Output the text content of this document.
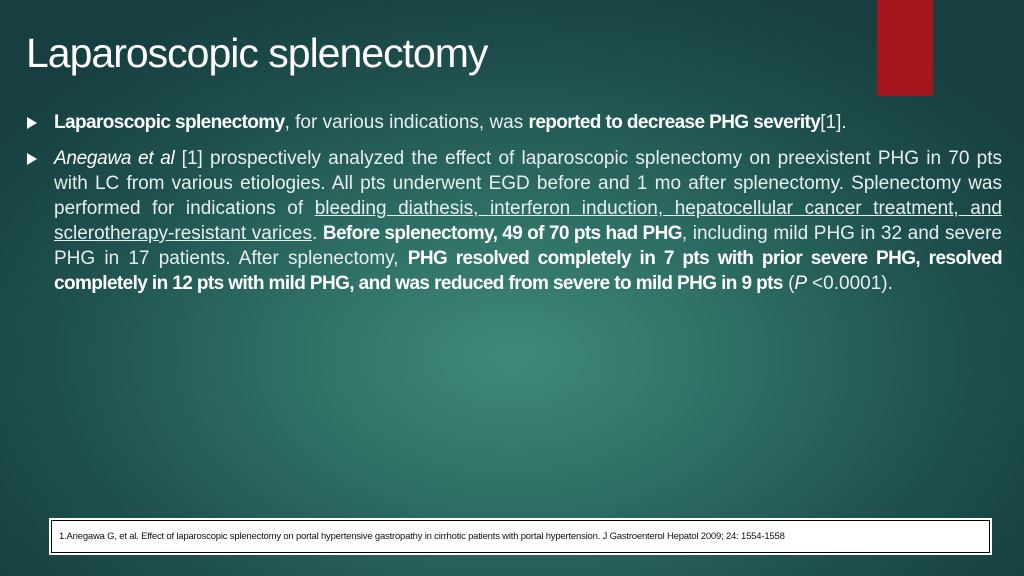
Laparoscopic splenectomy
Laparoscopic splenectomy, for various indications, was reported to decrease PHG severity[1].
Anegawa et al [1] prospectively analyzed the effect of laparoscopic splenectomy on preexistent PHG in 70 pts with LC from various etiologies. All pts underwent EGD before and 1 mo after splenectomy. Splenectomy was performed for indications of bleeding diathesis, interferon induction, hepatocellular cancer treatment, and sclerotherapy-resistant varices. Before splenectomy, 49 of 70 pts had PHG, including mild PHG in 32 and severe PHG in 17 patients. After splenectomy, PHG resolved completely in 7 pts with prior severe PHG, resolved completely in 12 pts with mild PHG, and was reduced from severe to mild PHG in 9 pts (P <0.0001).
1.Anegawa G, et al. Effect of laparoscopic splenectomy on portal hypertensive gastropathy in cirrhotic patients with portal hypertension. J Gastroenterol Hepatol 2009; 24: 1554-1558
